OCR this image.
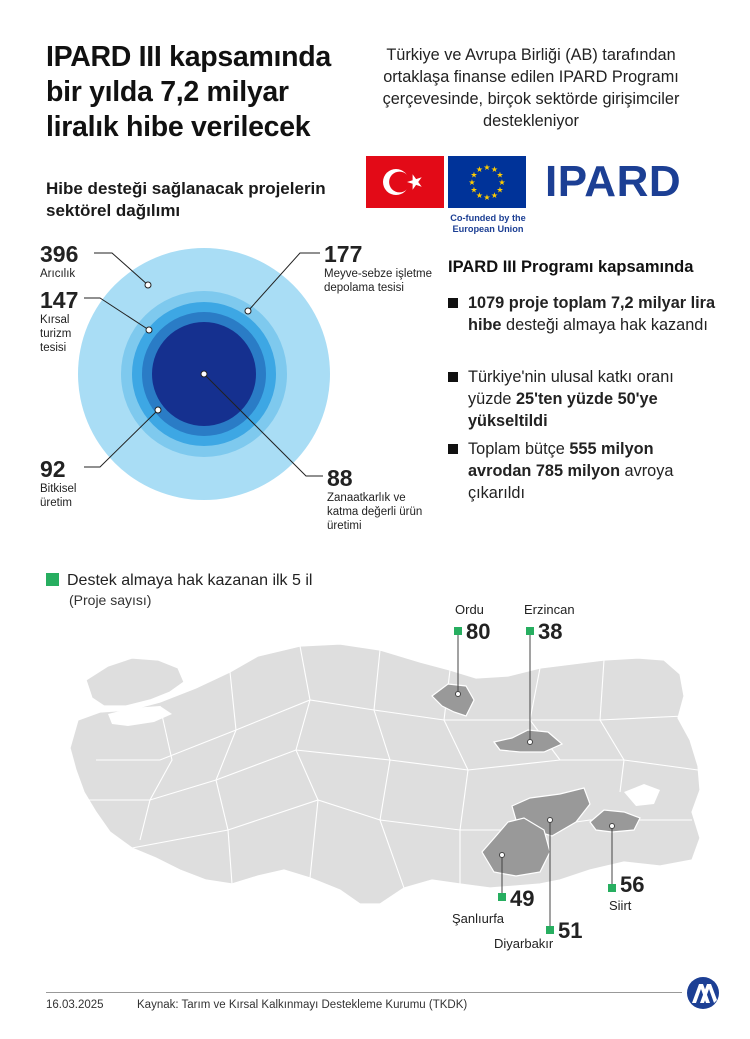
IPARD III kapsamında bir yılda 7,2 milyar liralık hibe verilecek
Türkiye ve Avrupa Birliği (AB) tarafından ortaklaşa finanse edilen IPARD Programı çerçevesinde, birçok sektörde girişimciler destekleniyor
★
★
★
★
★
★
★
★
★ ★ ★
★ IPARD
Co-funded by the European Union
Hibe desteği sağlanacak projelerin sektörel dağılımı
396
Arıcılık
177
Meyve-sebze işletme depolama tesisi
147
Kırsal turizm tesisi
92
Bitkisel üretim
88
Zanaatkarlık ve katma değerli ürün üretimi
IPARD III Programı kapsamında
1079 proje toplam 7,2 milyar lira hibe desteği almaya hak kazandı
Türkiye'nin ulusal katkı oranı yüzde 25'ten yüzde 50'ye yükseltildi
Toplam bütçe 555 milyon avrodan 785 milyon avroya çıkarıldı
Destek almaya hak kazanan ilk 5 il
(Proje sayısı)
Ordu
80
Erzincan
38
49
Şanlıurfa 51
Diyarbakır
56
Siirt
16.03.2025	Kaynak: Tarım ve Kırsal Kalkınmayı Destekleme Kurumu (TKDK)
